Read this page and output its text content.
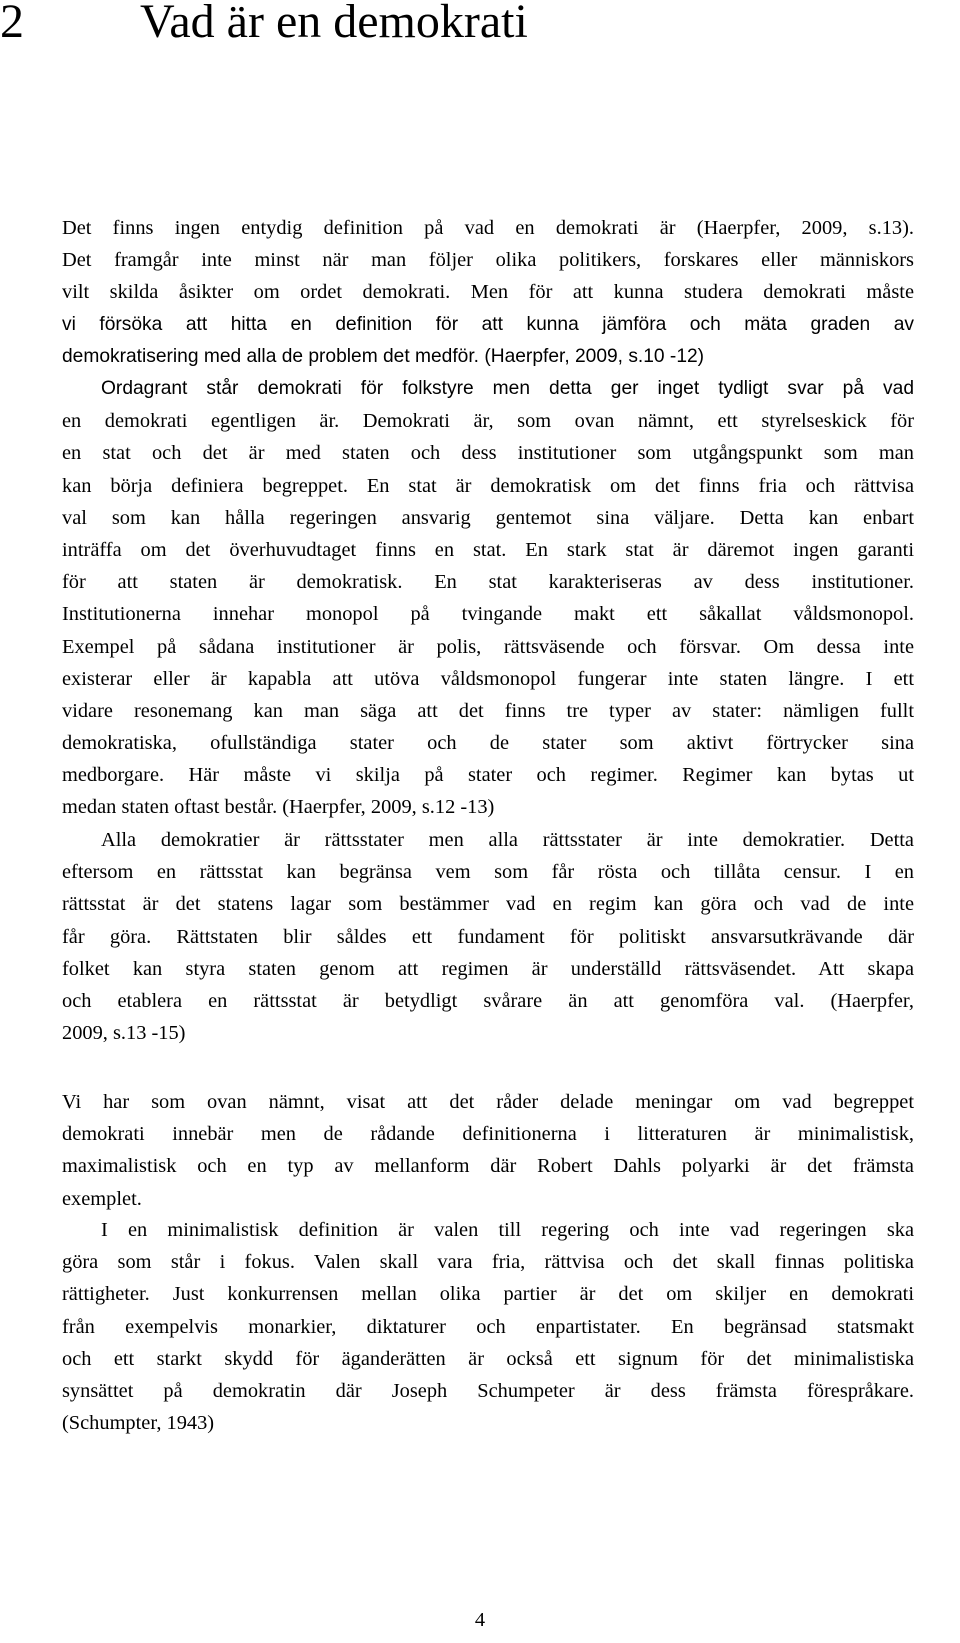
2 Vad är en demokrati
Det finns ingen entydig definition på vad en demokrati är (Haerpfer, 2009, s.13).
Det framgår inte minst när man följer olika politikers, forskares eller människors
vilt skilda åsikter om ordet demokrati. Men för att kunna studera demokrati måste
vi försöka att hitta en definition för att kunna jämföra och mäta graden av
demokratisering med alla de problem det medför. (Haerpfer, 2009, s.10 -12)
Ordagrant står demokrati för folkstyre men detta ger inget tydligt svar på vad
en demokrati egentligen är. Demokrati är, som ovan nämnt, ett styrelseskick för
en stat och det är med staten och dess institutioner som utgångspunkt som man
kan börja definiera begreppet. En stat är demokratisk om det finns fria och rättvisa
val som kan hålla regeringen ansvarig gentemot sina väljare. Detta kan enbart
inträffa om det överhuvudtaget finns en stat. En stark stat är däremot ingen garanti
för att staten är demokratisk. En stat karakteriseras av dess institutioner.
Institutionerna innehar monopol på tvingande makt ett såkallat våldsmonopol.
Exempel på sådana institutioner är polis, rättsväsende och försvar. Om dessa inte
existerar eller är kapabla att utöva våldsmonopol fungerar inte staten längre. I ett
vidare resonemang kan man säga att det finns tre typer av stater: nämligen fullt
demokratiska, ofullständiga stater och de stater som aktivt förtrycker sina
medborgare. Här måste vi skilja på stater och regimer. Regimer kan bytas ut
medan staten oftast består. (Haerpfer, 2009, s.12 -13)
Alla demokratier är rättsstater men alla rättsstater är inte demokratier. Detta
eftersom en rättsstat kan begränsa vem som får rösta och tillåta censur. I en
rättsstat är det statens lagar som bestämmer vad en regim kan göra och vad de inte
får göra. Rättstaten blir såldes ett fundament för politiskt ansvarsutkrävande där
folket kan styra staten genom att regimen är underställd rättsväsendet. Att skapa
och etablera en rättsstat är betydligt svårare än att genomföra val. (Haerpfer,
2009, s.13 -15)
Vi har som ovan nämnt, visat att det råder delade meningar om vad begreppet
demokrati innebär men de rådande definitionerna i litteraturen är minimalistisk,
maximalistisk och en typ av mellanform där Robert Dahls polyarki är det främsta
exemplet.
I en minimalistisk definition är valen till regering och inte vad regeringen ska
göra som står i fokus. Valen skall vara fria, rättvisa och det skall finnas politiska
rättigheter. Just konkurrensen mellan olika partier är det om skiljer en demokrati
från exempelvis monarkier, diktaturer och enpartistater. En begränsad statsmakt
och ett starkt skydd för äganderätten är också ett signum för det minimalistiska
synsättet på demokratin där Joseph Schumpeter är dess främsta förespråkare.
(Schumpter, 1943)
4
